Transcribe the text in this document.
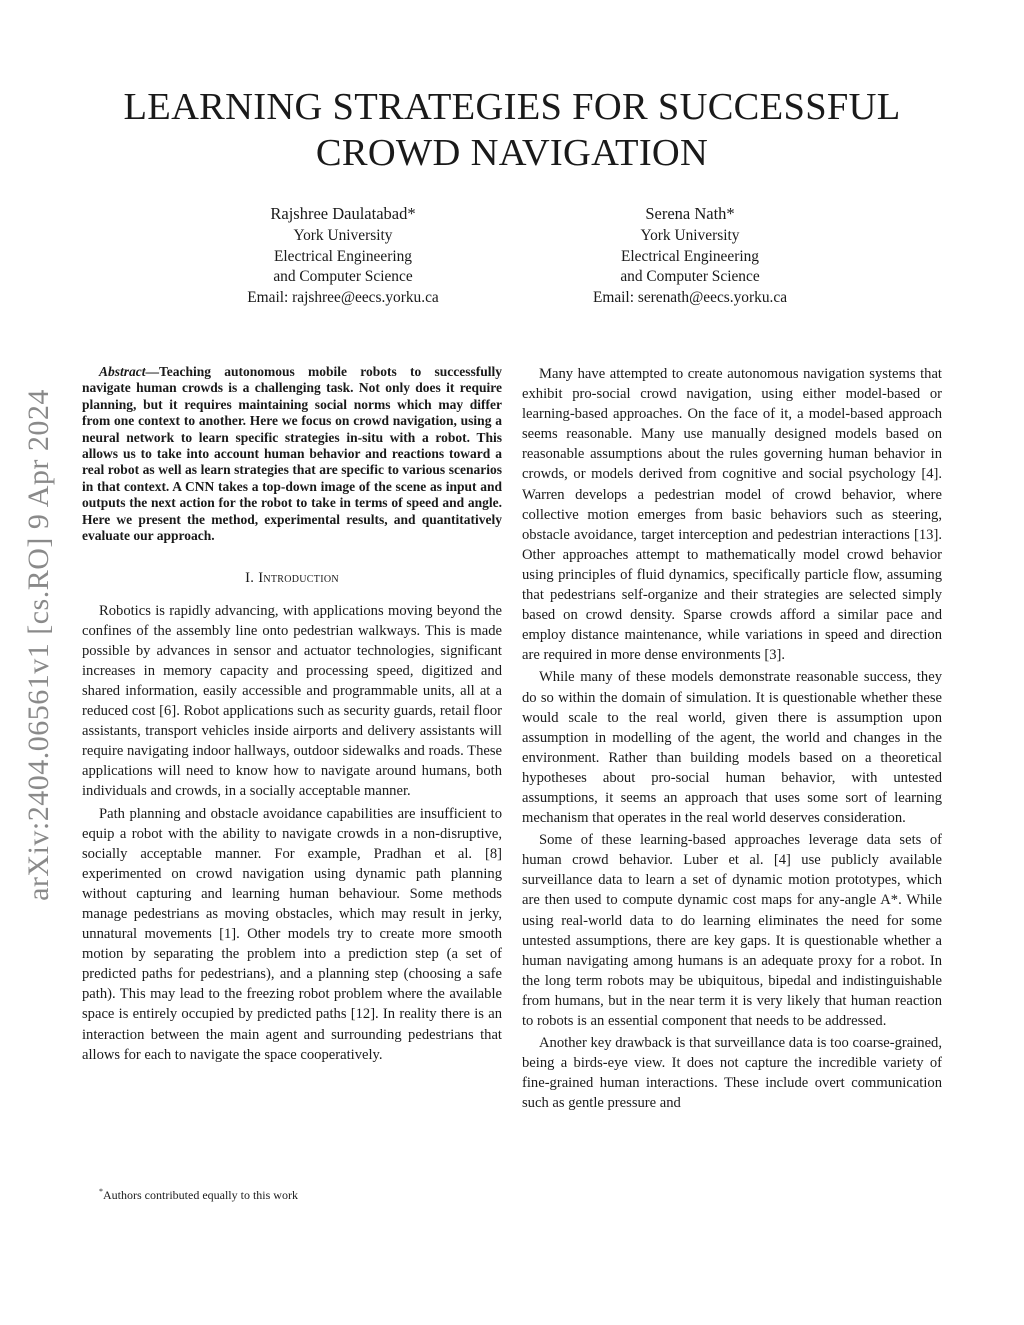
arXiv:2404.06561v1 [cs.RO] 9 Apr 2024
LEARNING STRATEGIES FOR SUCCESSFUL
CROWD NAVIGATION
Rajshree Daulatabad*
York University
Electrical Engineering
and Computer Science
Email: rajshree@eecs.yorku.ca
Serena Nath*
York University
Electrical Engineering
and Computer Science
Email: serenath@eecs.yorku.ca

Abstract—Teaching autonomous mobile robots to successfully navigate human crowds is a challenging task. Not only does it require planning, but it requires maintaining social norms which may differ from one context to another. Here we focus on crowd navigation, using a neural network to learn specific strategies in-situ with a robot. This allows us to take into account human behavior and reactions toward a real robot as well as learn strategies that are specific to various scenarios in that context. A CNN takes a top-down image of the scene as input and outputs the next action for the robot to take in terms of speed and angle. Here we present the method, experimental results, and quantitatively evaluate our approach.

I. Introduction

Robotics is rapidly advancing, with applications moving beyond the confines of the assembly line onto pedestrian walkways. This is made possible by advances in sensor and actuator technologies, significant increases in memory capacity and processing speed, digitized and shared information, easily accessible and programmable units, all at a reduced cost [6]. Robot applications such as security guards, retail floor assistants, transport vehicles inside airports and delivery assistants will require navigating indoor hallways, outdoor sidewalks and roads. These applications will need to know how to navigate around humans, both individuals and crowds, in a socially acceptable manner.

Path planning and obstacle avoidance capabilities are insufficient to equip a robot with the ability to navigate crowds in a non-disruptive, socially acceptable manner. For example, Pradhan et al. [8] experimented on crowd navigation using dynamic path planning without capturing and learning human behaviour. Some methods manage pedestrians as moving obstacles, which may result in jerky, unnatural movements [1]. Other models try to create more smooth motion by separating the problem into a prediction step (a set of predicted paths for pedestrians), and a planning step (choosing a safe path). This may lead to the freezing robot problem where the available space is entirely occupied by predicted paths [12]. In reality there is an interaction between the main agent and surrounding pedestrians that allows for each to navigate the space cooperatively.

*Authors contributed equally to this work

Many have attempted to create autonomous navigation systems that exhibit pro-social crowd navigation, using either model-based or learning-based approaches. On the face of it, a model-based approach seems reasonable. Many use manually designed models based on reasonable assumptions about the rules governing human behavior in crowds, or models derived from cognitive and social psychology [4]. Warren develops a pedestrian model of crowd behavior, where collective motion emerges from basic behaviors such as steering, obstacle avoidance, target interception and pedestrian interactions [13]. Other approaches attempt to mathematically model crowd behavior using principles of fluid dynamics, specifically particle flow, assuming that pedestrians self-organize and their strategies are selected simply based on crowd density. Sparse crowds afford a similar pace and employ distance maintenance, while variations in speed and direction are required in more dense environments [3].

While many of these models demonstrate reasonable success, they do so within the domain of simulation. It is questionable whether these would scale to the real world, given there is assumption upon assumption in modelling of the agent, the world and changes in the environment. Rather than building models based on a theoretical hypotheses about pro-social human behavior, with untested assumptions, it seems an approach that uses some sort of learning mechanism that operates in the real world deserves consideration.

Some of these learning-based approaches leverage data sets of human crowd behavior. Luber et al. [4] use publicly available surveillance data to learn a set of dynamic motion prototypes, which are then used to compute dynamic cost maps for any-angle A*. While using real-world data to do learning eliminates the need for some untested assumptions, there are key gaps. It is questionable whether a human navigating among humans is an adequate proxy for a robot. In the long term robots may be ubiquitous, bipedal and indistinguishable from humans, but in the near term it is very likely that human reaction to robots is an essential component that needs to be addressed.

Another key drawback is that surveillance data is too coarse-grained, being a birds-eye view. It does not capture the incredible variety of fine-grained human interactions. These include overt communication such as gentle pressure and
